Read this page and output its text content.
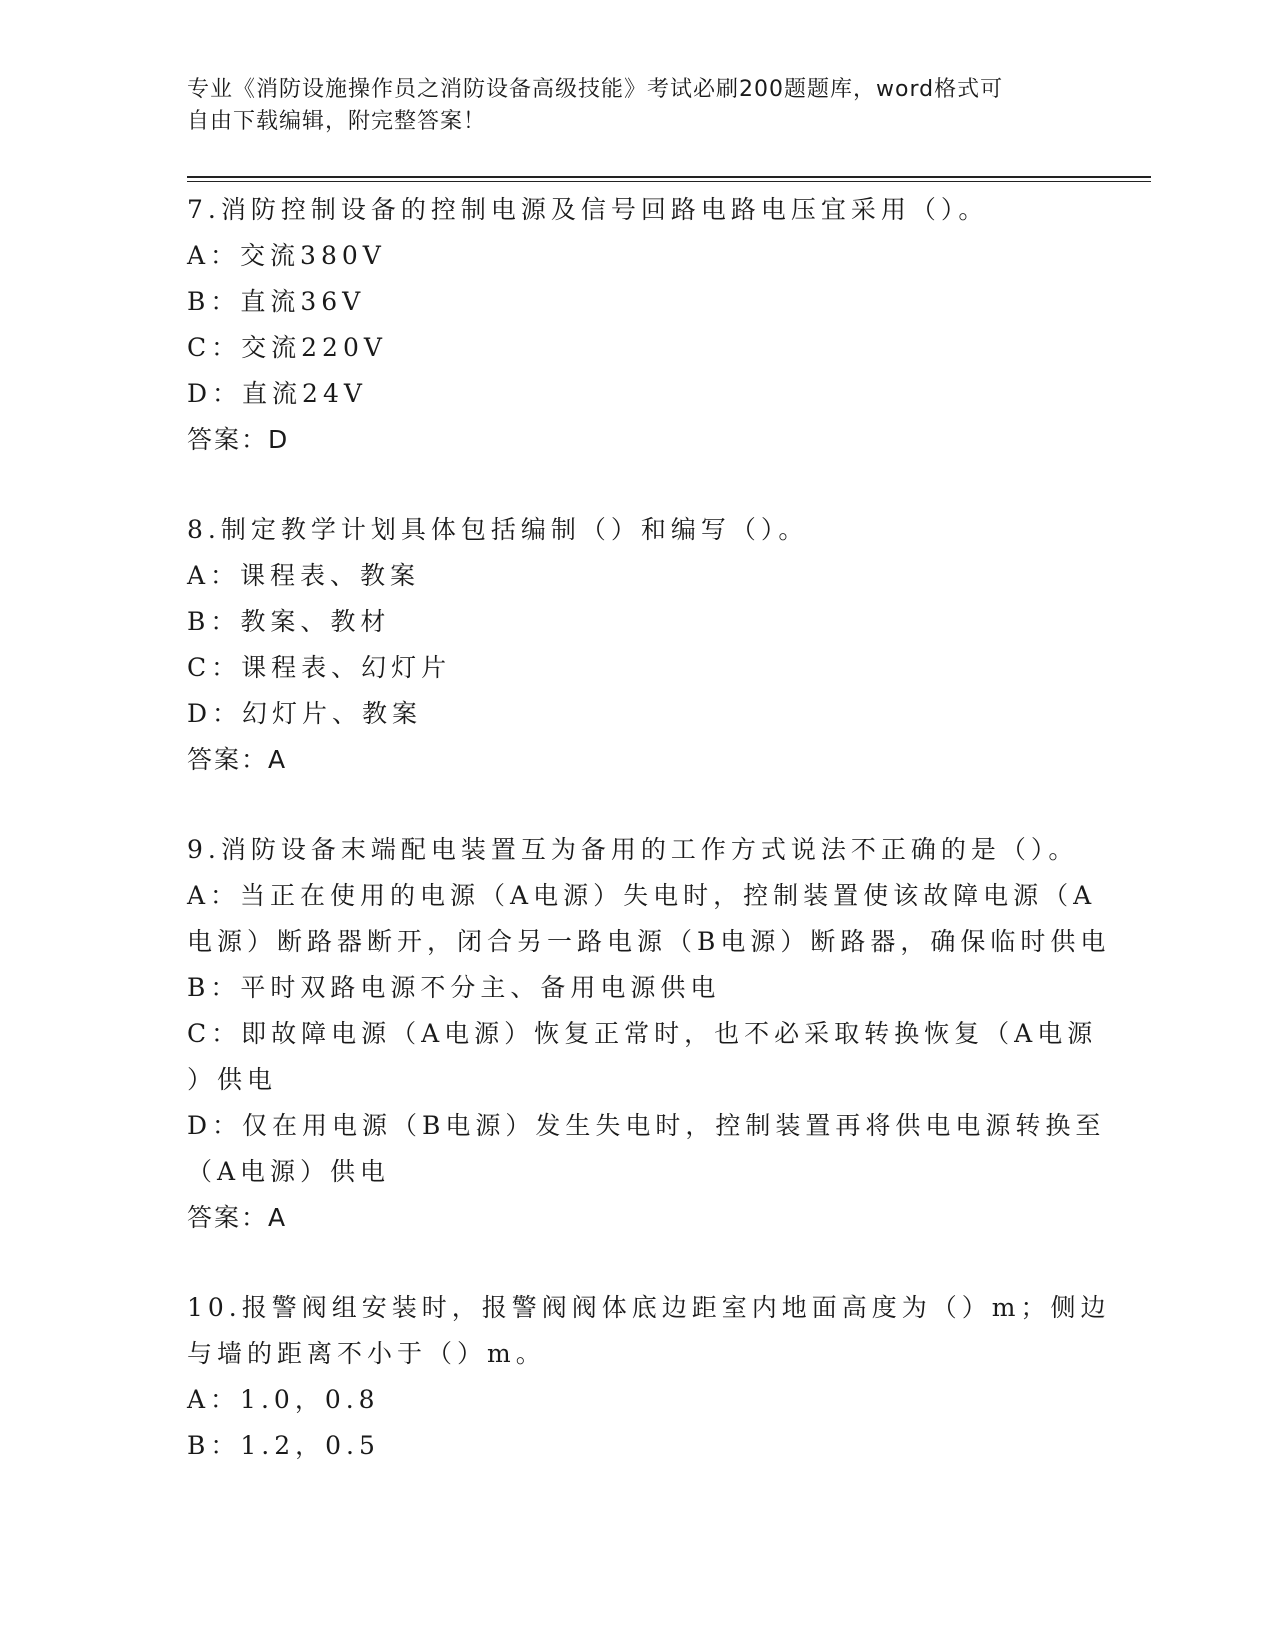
专业《消防设施操作员之消防设备高级技能》考试必刷200题题库，word格式可
自由下载编辑，附完整答案！
7.消防控制设备的控制电源及信号回路电路电压宜采用（）。
A：交流380V
B：直流36V
C：交流220V
D：直流24V
答案：D
8.制定教学计划具体包括编制（）和编写（）。
A：课程表、教案
B：教案、教材
C：课程表、幻灯片
D：幻灯片、教案
答案：A
9.消防设备末端配电装置互为备用的工作方式说法不正确的是（）。
A：当正在使用的电源（A电源）失电时，控制装置使该故障电源（A
电源）断路器断开，闭合另一路电源（B电源）断路器，确保临时供电
B：平时双路电源不分主、备用电源供电
C：即故障电源（A电源）恢复正常时，也不必采取转换恢复（A电源
）供电
D：仅在用电源（B电源）发生失电时，控制装置再将供电电源转换至
（A电源）供电
答案：A
10.报警阀组安装时，报警阀阀体底边距室内地面高度为（）m；侧边
与墙的距离不小于（）m。
A：1.0，0.8
B：1.2，0.5
